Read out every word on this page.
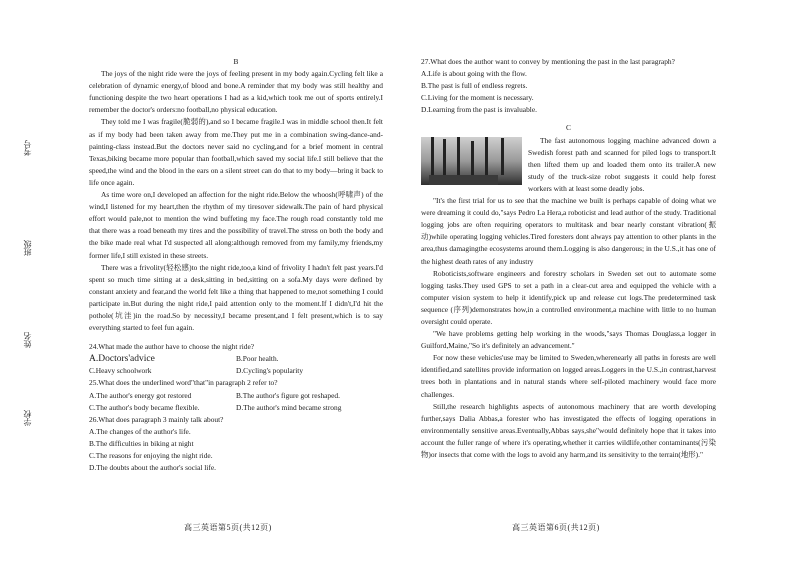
学校
姓名
班级
考号

B

The joys of the night ride were the joys of feeling present in my body again.Cycling felt like a celebration of dynamic energy,of blood and bone.A reminder that my body was still healthy and functioning despite the two heart operations I had as a kid,which took me out of sports entirely.I remember the doctor's orders:no football,no physical education.

They told me I was fragile(脆弱的),and so I became fragile.I was in middle school then.It felt as if my body had been taken away from me.They put me in a combination swing-dance-and-painting-class instead.But the doctors never said no cycling,and for a brief moment in central Texas,biking became more popular than football,which saved my social life.I still believe that the speed,the wind and the blood in the ears on a silent street can do that to my body—bring it back to life once again.

As time wore on,I developed an affection for the night ride.Below the whoosh(呼啸声) of the wind,I listened for my heart,then the rhythm of my tiresover sidewalk.The pain of hard physical effort would pale,not to mention the wind buffeting my face.The rough road constantly told me that there was a road beneath my tires and the possibility of travel.The stress on both the body and the bike made real what I'd suspected all along:although removed from my family,my friends,my former life,I still existed in these streets.

There was a frivolity(轻松感)to the night ride,too,a kind of frivolity I hadn't felt past years.I'd spent so much time sitting at a desk,sitting in bed,sitting on a sofa.My days were defined by constant anxiety and fear,and the world felt like a thing that happened to me,not something I could participate in.But during the night ride,I paid attention only to the moment.If I didn't,I'd hit the pothole(坑洼)in the road.So by necessity,I became present,and I felt present,which is to say everything started to feel fun again.

24.What made the author have to choose the night ride?

A.Doctors'advice	B.Poor health.
C.Heavy schoolwork	D.Cycling's popularity

25.What does the underlined word"that"in paragraph 2 refer to?

A.The author's energy got restored	B.The author's figure got reshaped.
C.The author's body became flexible.	D.The author's mind became strong

26.What does paragraph 3 mainly talk about?

A.The changes of the author's life.

B.The difficulties in biking at night

C.The reasons for enjoying the night ride.

D.The doubts about the author's social life.

27.What does the author want to convey by mentioning the past in the last paragraph?

A.Life is about going with the flow.

B.The past is full of endless regrets.

C.Living for the moment is necessary.

D.Learning from the past is invaluable.

C

The fast autonomous logging machine advanced down a Swedish forest path and scanned for piled logs to transport.It then lifted them up and loaded them onto its trailer.A new study of the truck-size robot suggests it could help forest workers with at least some deadly jobs.

"It's the first trial for us to see that the machine we built is perhaps capable of doing what we were dreaming it could do,"says Pedro La Hera,a roboticist and lead author of the study. Traditional logging jobs are often requiring operators to multitask and bear nearly constant vibration(振动)while operating logging vehicles.Tired foresters dont always pay attention to other plants in the area,thus damagingthe ecosystems around them.Logging is also dangerous; in the U.S.,it has one of the highest death rates of any industry

Roboticists,software engineers and forestry scholars in Sweden set out to automate some logging tasks.They used GPS to set a path in a clear-cut area and equipped the vehicle with a computer vision system to help it identify,pick up and release cut logs.The predetermined task sequence (序列)demonstrates how,in a controlled environment,a machine with little to no human oversight could operate.

"We have problems getting help working in the woods,"says Thomas Douglass,a logger in Guilford,Maine,"So it's definitely an advancement."

For now these vehicles'use may be limited to Sweden,wherenearly all paths in forests are well identified,and satellites provide information on logged areas.Loggers in the U.S.,in contrast,harvest trees both in plantations and in natural stands where self-piloted machinery would face more challenges.

Still,the research highlights aspects of autonomous machinery that are worth developing further,says Dalia Abbas,a forester who has investigated the effects of logging operations in environmentally sensitive areas.Eventually,Abbas says,she"would definitely hope that it takes into account the fuller range of where it's operating,whether it carries wildlife,other contaminants(污染物)or insects that come with the logs to avoid any harm,and its sensitivity to the terrain(地形)."

高三英语第5页(共12页)	高三英语第6页(共12页)
